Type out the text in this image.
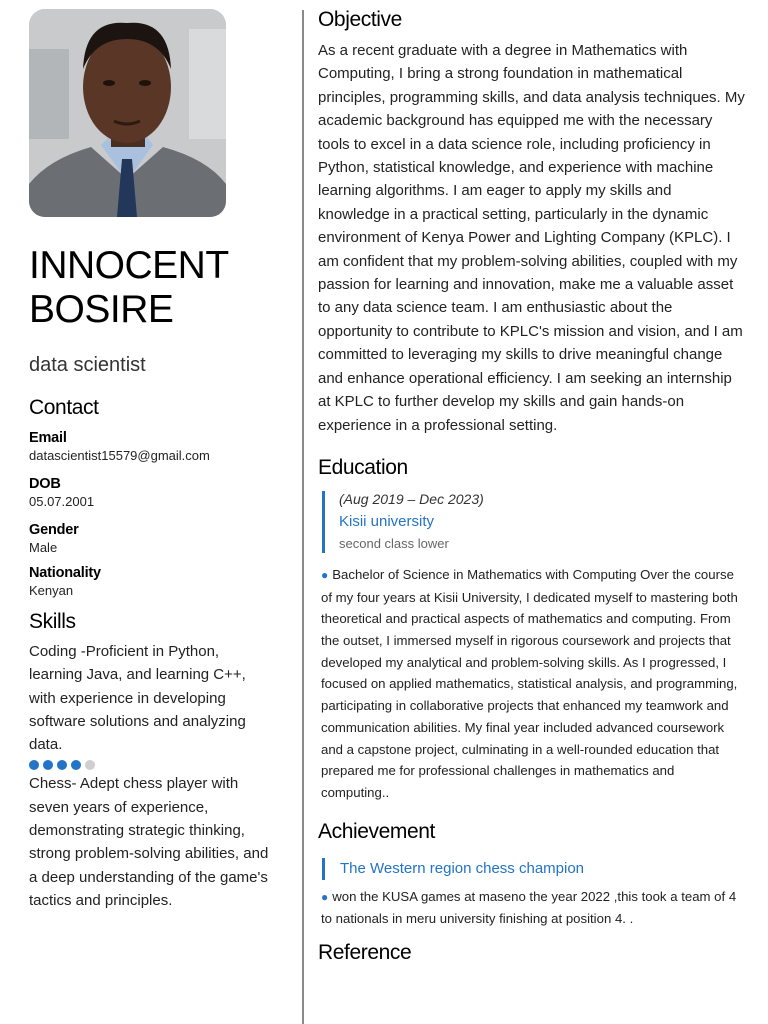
INNOCENT
BOSIRE
data scientist
Contact
Email
datascientist15579@gmail.com
DOB
05.07.2001
Gender
Male
Nationality
Kenyan
Skills
Coding -Proficient in Python, learning Java, and learning C++, with experience in developing software solutions and analyzing data.
Chess- Adept chess player with seven years of experience, demonstrating strategic thinking, strong problem-solving abilities, and a deep understanding of the game's tactics and principles.
Objective
As a recent graduate with a degree in Mathematics with Computing, I bring a strong foundation in mathematical principles, programming skills, and data analysis techniques. My academic background has equipped me with the necessary tools to excel in a data science role, including proficiency in Python, statistical knowledge, and experience with machine learning algorithms. I am eager to apply my skills and knowledge in a practical setting, particularly in the dynamic environment of Kenya Power and Lighting Company (KPLC). I am confident that my problem-solving abilities, coupled with my passion for learning and innovation, make me a valuable asset to any data science team. I am enthusiastic about the opportunity to contribute to KPLC's mission and vision, and I am committed to leveraging my skills to drive meaningful change and enhance operational efficiency. I am seeking an internship at KPLC to further develop my skills and gain hands-on experience in a professional setting.
Education
(Aug 2019 – Dec 2023)
Kisii university
second class lower
● Bachelor of Science in Mathematics with Computing Over the course of my four years at Kisii University, I dedicated myself to mastering both theoretical and practical aspects of mathematics and computing. From the outset, I immersed myself in rigorous coursework and projects that developed my analytical and problem-solving skills. As I progressed, I focused on applied mathematics, statistical analysis, and programming, participating in collaborative projects that enhanced my teamwork and communication abilities. My final year included advanced coursework and a capstone project, culminating in a well-rounded education that prepared me for professional challenges in mathematics and computing..
Achievement
The Western region chess champion
● won the KUSA games at maseno the year 2022 ,this took a team of 4 to nationals in meru university finishing at position 4. .
Reference
